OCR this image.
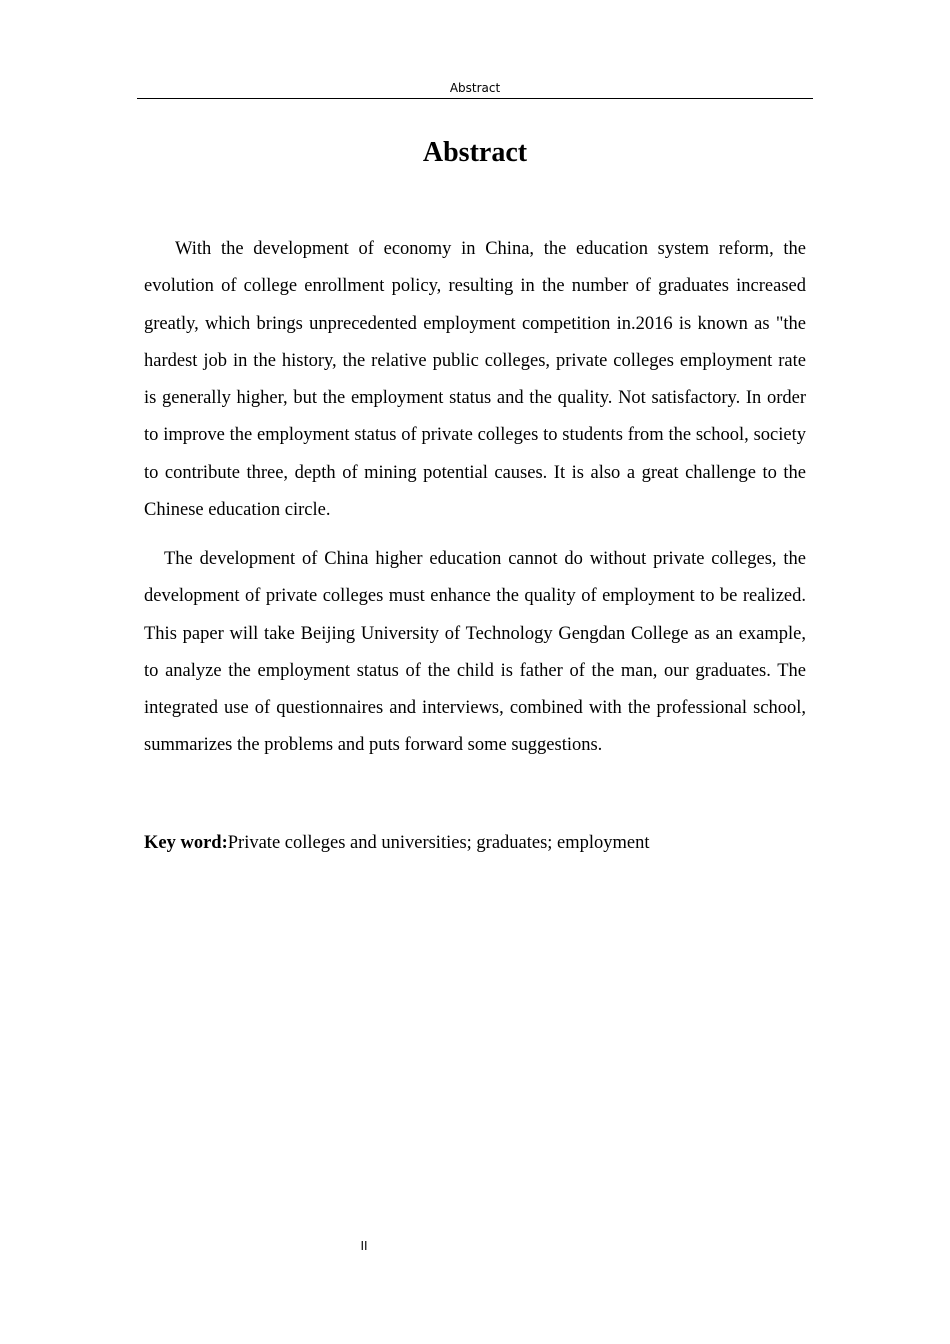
Abstract
Abstract

With the development of economy in China, the education system reform, the evolution of college enrollment policy, resulting in the number of graduates increased greatly, which brings unprecedented employment competition in.2016 is known as "the hardest job in the history, the relative public colleges, private colleges employment rate is generally higher, but the employment status and the quality. Not satisfactory. In order to improve the employment status of private colleges to students from the school, society to contribute three, depth of mining potential causes. It is also a great challenge to the Chinese education circle.

The development of China higher education cannot do without private colleges, the development of private colleges must enhance the quality of employment to be realized. This paper will take Beijing University of Technology Gengdan College as an example, to analyze the employment status of the child is father of the man, our graduates. The integrated use of questionnaires and interviews, combined with the professional school, summarizes the problems and puts forward some suggestions.

Key word:Private colleges and universities; graduates; employment

II
